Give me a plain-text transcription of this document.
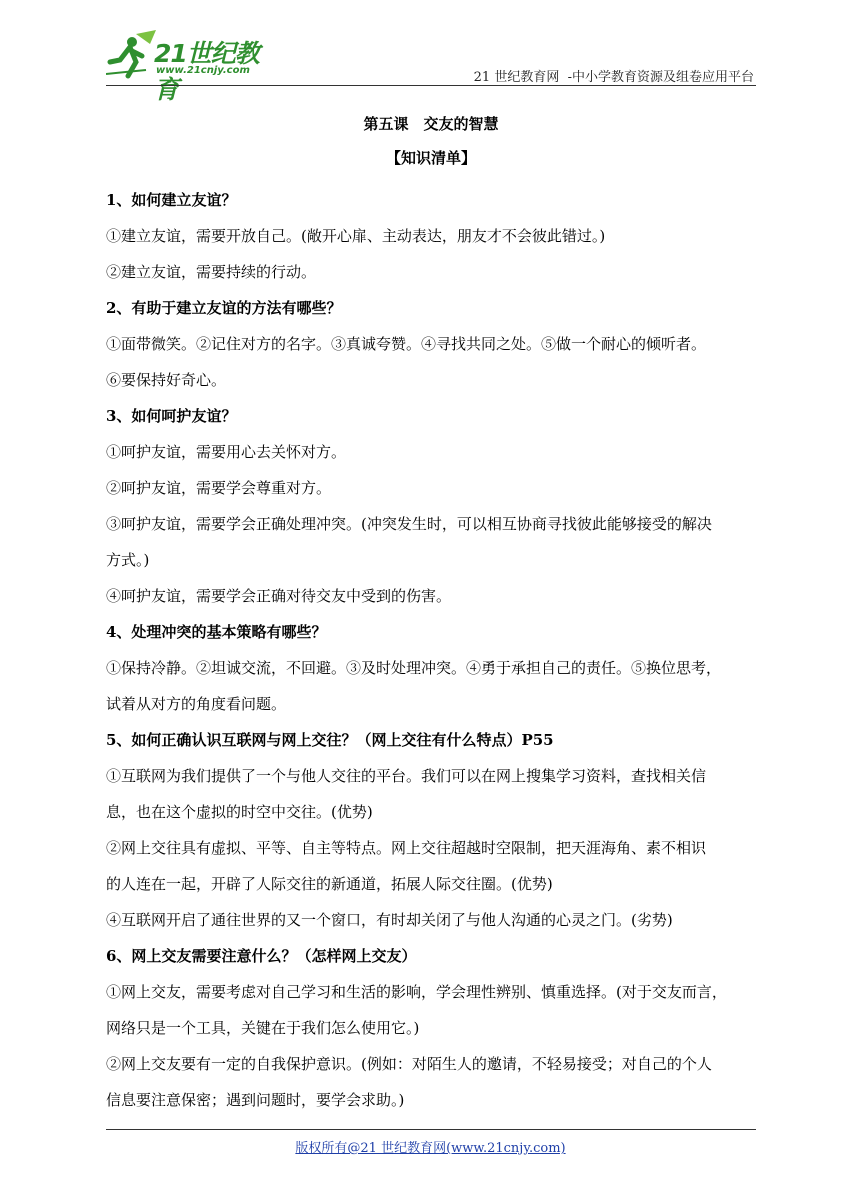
21世纪教育
www.21cnjy.com	21 世纪教育网  -中小学教育资源及组卷应用平台
第五课　交友的智慧
【知识清单】
1、如何建立友谊？
①建立友谊，需要开放自己。(敞开心扉、主动表达，朋友才不会彼此错过。)
②建立友谊，需要持续的行动。
2、有助于建立友谊的方法有哪些？
①面带微笑。②记住对方的名字。③真诚夸赞。④寻找共同之处。⑤做一个耐心的倾听者。
⑥要保持好奇心。
3、如何呵护友谊？
①呵护友谊，需要用心去关怀对方。
②呵护友谊，需要学会尊重对方。
③呵护友谊，需要学会正确处理冲突。(冲突发生时，可以相互协商寻找彼此能够接受的解决
方式。)
④呵护友谊，需要学会正确对待交友中受到的伤害。
4、处理冲突的基本策略有哪些？
①保持冷静。②坦诚交流，不回避。③及时处理冲突。④勇于承担自己的责任。⑤换位思考，
试着从对方的角度看问题。
5、如何正确认识互联网与网上交往？（网上交往有什么特点）P55
①互联网为我们提供了一个与他人交往的平台。我们可以在网上搜集学习资料，查找相关信
息，也在这个虚拟的时空中交往。(优势)
②网上交往具有虚拟、平等、自主等特点。网上交往超越时空限制，把天涯海角、素不相识
的人连在一起，开辟了人际交往的新通道，拓展人际交往圈。(优势)
④互联网开启了通往世界的又一个窗口，有时却关闭了与他人沟通的心灵之门。(劣势)
6、网上交友需要注意什么？（怎样网上交友）
①网上交友，需要考虑对自己学习和生活的影响，学会理性辨别、慎重选择。(对于交友而言，
网络只是一个工具，关键在于我们怎么使用它。)
②网上交友要有一定的自我保护意识。(例如：对陌生人的邀请，不轻易接受；对自己的个人
信息要注意保密；遇到问题时，要学会求助。)
版权所有@21 世纪教育网(www.21cnjy.com)
